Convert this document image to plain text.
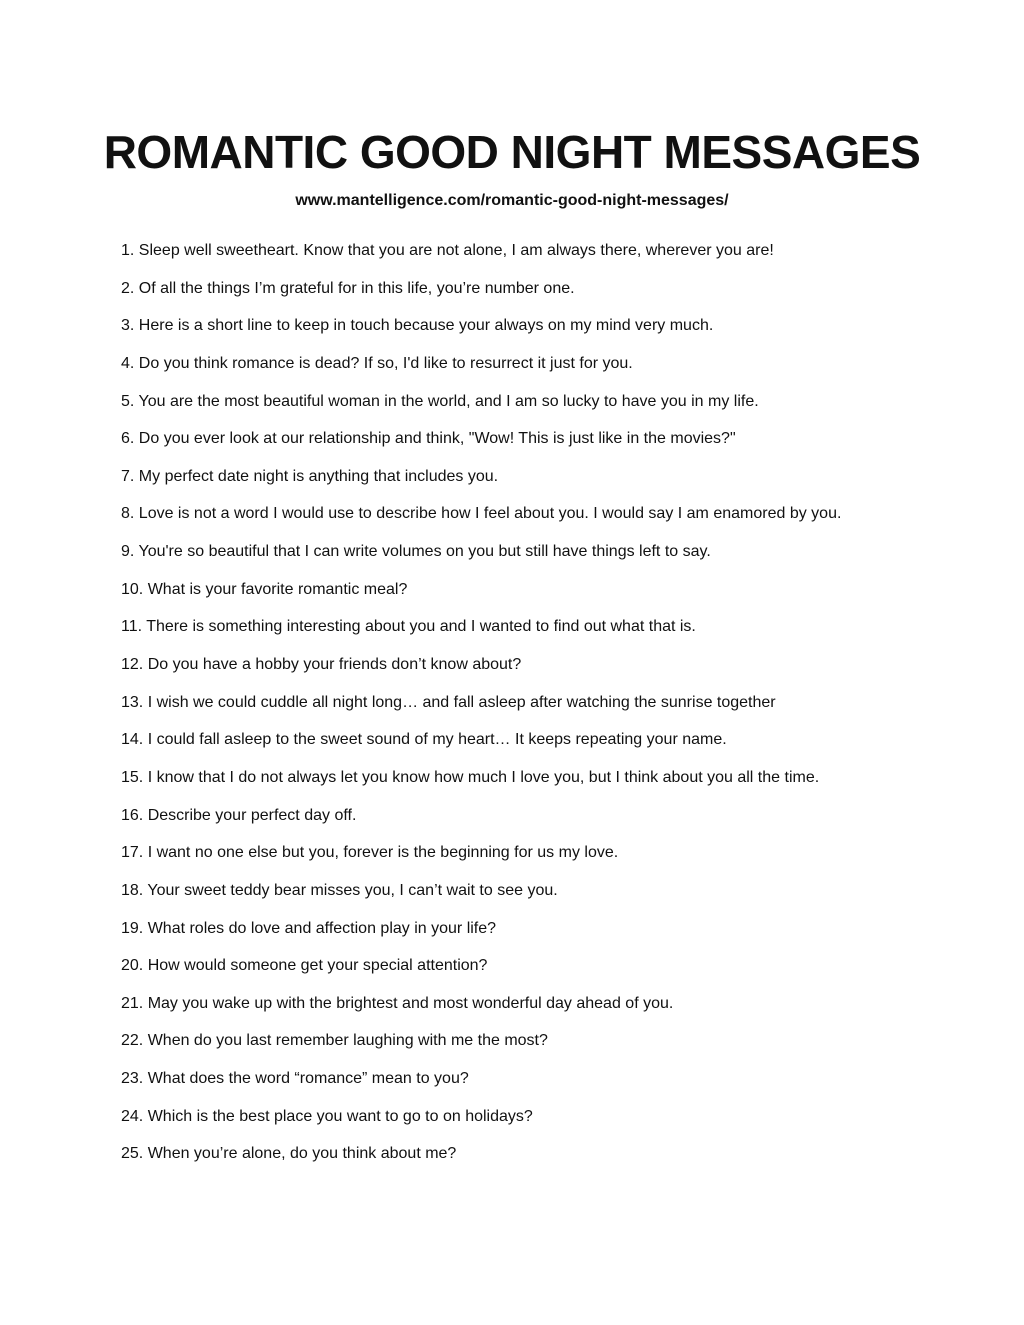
ROMANTIC GOOD NIGHT MESSAGES
www.mantelligence.com/romantic-good-night-messages/
1. Sleep well sweetheart. Know that you are not alone, I am always there, wherever you are!
2. Of all the things I’m grateful for in this life, you’re number one.
3. Here is a short line to keep in touch because your always on my mind very much.
4. Do you think romance is dead? If so, I'd like to resurrect it just for you.
5. You are the most beautiful woman in the world, and I am so lucky to have you in my life.
6. Do you ever look at our relationship and think, "Wow! This is just like in the movies?"
7. My perfect date night is anything that includes you.
8. Love is not a word I would use to describe how I feel about you. I would say I am enamored by you.
9. You're so beautiful that I can write volumes on you but still have things left to say.
10. What is your favorite romantic meal?
11. There is something interesting about you and I wanted to find out what that is.
12. Do you have a hobby your friends don’t know about?
13. I wish we could cuddle all night long… and fall asleep after watching the sunrise together
14. I could fall asleep to the sweet sound of my heart… It keeps repeating your name.
15. I know that I do not always let you know how much I love you, but I think about you all the time.
16. Describe your perfect day off.
17. I want no one else but you, forever is the beginning for us my love.
18. Your sweet teddy bear misses you, I can’t wait to see you.
19. What roles do love and affection play in your life?
20. How would someone get your special attention?
21. May you wake up with the brightest and most wonderful day ahead of you.
22. When do you last remember laughing with me the most?
23. What does the word “romance” mean to you?
24. Which is the best place you want to go to on holidays?
25. When you’re alone, do you think about me?
